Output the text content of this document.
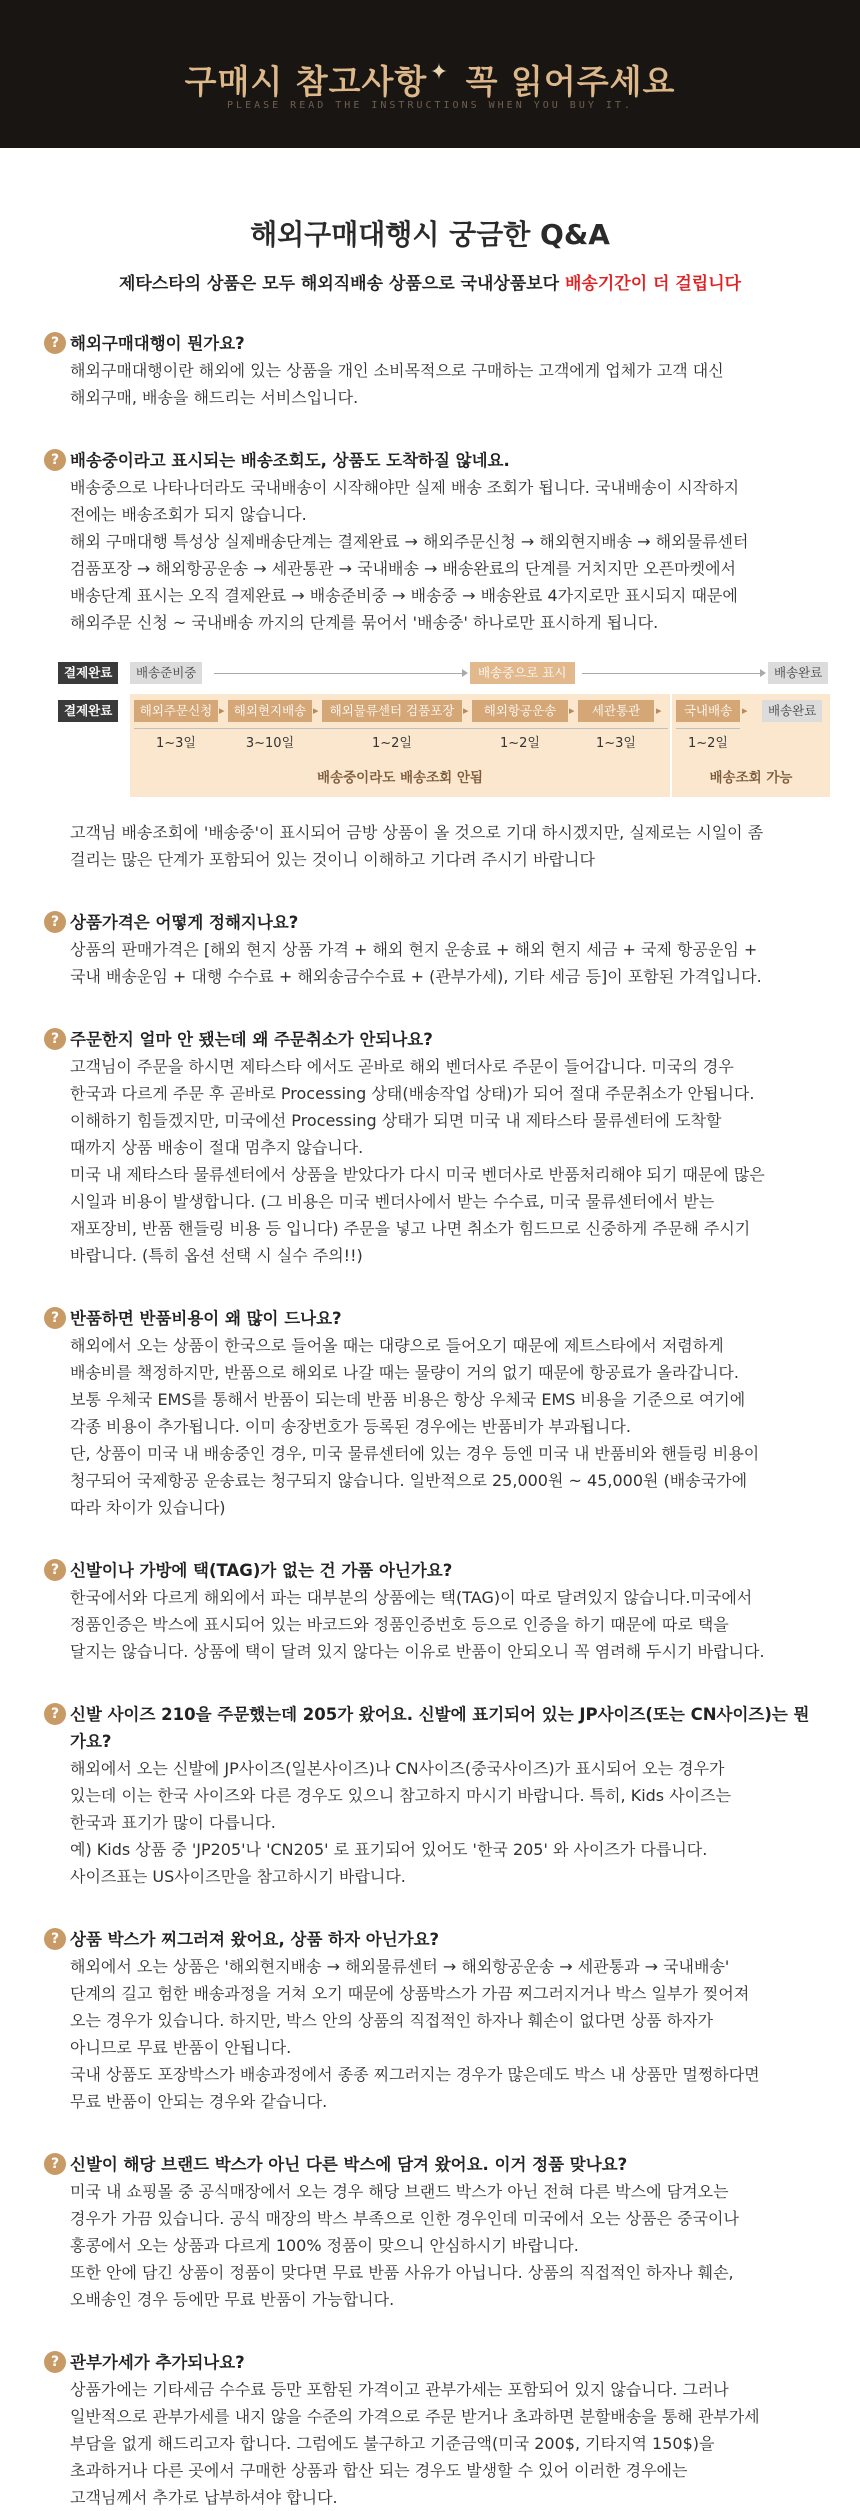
구매시 참고사항 ✦ 꼭 읽어주세요
PLEASE READ THE INSTRUCTIONS WHEN YOU BUY IT.
해외구매대행시 궁금한 Q&A
제타스타의 상품은 모두 해외직배송 상품으로 국내상품보다 배송기간이 더 걸립니다
? 해외구매대행이 뭔가요?

해외구매대행이란 해외에 있는 상품을 개인 소비목적으로 구매하는 고객에게 업체가 고객 대신

해외구매, 배송을 해드리는 서비스입니다.

? 배송중이라고 표시되는 배송조회도, 상품도 도착하질 않네요.

배송중으로 나타나더라도 국내배송이 시작해야만 실제 배송 조회가 됩니다. 국내배송이 시작하지

전에는 배송조회가 되지 않습니다.

해외 구매대행 특성상 실제배송단계는 결제완료 → 해외주문신청 → 해외현지배송 → 해외물류센터

검품포장 → 해외항공운송 → 세관통관 → 국내배송 → 배송완료의 단계를 거치지만 오픈마켓에서

배송단계 표시는 오직 결제완료 → 배송준비중 → 배송중 → 배송완료 4가지로만 표시되지 때문에

해외주문 신청 ~ 국내배송 까지의 단계를 묶어서 '배송중' 하나로만 표시하게 됩니다.

결제완료	배송준비중	배송중으로 표시	배송완료
결제완료	해외주문신청 ▸ 해외현지배송 ▸ 해외물류센터 검품포장 ▸	해외항공운송	▸	세관통관	▸	국내배송 ▸	배송완료
1~3일	3~10일	1~2일	1~2일	1~3일	1~2일
배송중이라도 배송조회 안됨	배송조회 가능

고객님 배송조회에 '배송중'이 표시되어 금방 상품이 올 것으로 기대 하시겠지만, 실제로는 시일이 좀

걸리는 많은 단계가 포함되어 있는 것이니 이해하고 기다려 주시기 바랍니다

? 상품가격은 어떻게 정해지나요?

상품의 판매가격은 [해외 현지 상품 가격 + 해외 현지 운송료 + 해외 현지 세금 + 국제 항공운임 +

국내 배송운임 + 대행 수수료 + 해외송금수수료 + (관부가세), 기타 세금 등]이 포함된 가격입니다.

? 주문한지 얼마 안 됐는데 왜 주문취소가 안되나요?

고객님이 주문을 하시면 제타스타 에서도 곧바로 해외 벤더사로 주문이 들어갑니다. 미국의 경우

한국과 다르게 주문 후 곧바로 Processing 상태(배송작업 상태)가 되어 절대 주문취소가 안됩니다.

이해하기 힘들겠지만, 미국에선 Processing 상태가 되면 미국 내 제타스타 물류센터에 도착할

때까지 상품 배송이 절대 멈추지 않습니다.

미국 내 제타스타 물류센터에서 상품을 받았다가 다시 미국 벤더사로 반품처리해야 되기 때문에 많은

시일과 비용이 발생합니다. (그 비용은 미국 벤더사에서 받는 수수료, 미국 물류센터에서 받는

재포장비, 반품 핸들링 비용 등 입니다) 주문을 넣고 나면 취소가 힘드므로 신중하게 주문해 주시기

바랍니다. (특히 옵션 선택 시 실수 주의!!)

? 반품하면 반품비용이 왜 많이 드나요?

해외에서 오는 상품이 한국으로 들어올 때는 대량으로 들어오기 때문에 제트스타에서 저렴하게

배송비를 책정하지만, 반품으로 해외로 나갈 때는 물량이 거의 없기 때문에 항공료가 올라갑니다.

보통 우체국 EMS를 통해서 반품이 되는데 반품 비용은 항상 우체국 EMS 비용을 기준으로 여기에

각종 비용이 추가됩니다. 이미 송장번호가 등록된 경우에는 반품비가 부과됩니다.

단, 상품이 미국 내 배송중인 경우, 미국 물류센터에 있는 경우 등엔 미국 내 반품비와 핸들링 비용이

청구되어 국제항공 운송료는 청구되지 않습니다. 일반적으로 25,000원 ~ 45,000원 (배송국가에

따라 차이가 있습니다)

? 신발이나 가방에 택(TAG)가 없는 건 가품 아닌가요?

한국에서와 다르게 해외에서 파는 대부분의 상품에는 택(TAG)이 따로 달려있지 않습니다.미국에서

정품인증은 박스에 표시되어 있는 바코드와 정품인증번호 등으로 인증을 하기 때문에 따로 택을

달지는 않습니다. 상품에 택이 달려 있지 않다는 이유로 반품이 안되오니 꼭 염려해 두시기 바랍니다.

? 신발 사이즈 210을 주문했는데 205가 왔어요. 신발에 표기되어 있는 JP사이즈(또는 CN사이즈)는 뭔가요?

해외에서 오는 신발에 JP사이즈(일본사이즈)나 CN사이즈(중국사이즈)가 표시되어 오는 경우가

있는데 이는 한국 사이즈와 다른 경우도 있으니 참고하지 마시기 바랍니다. 특히, Kids 사이즈는

한국과 표기가 많이 다릅니다.

예) Kids 상품 중 'JP205'나 'CN205' 로 표기되어 있어도 '한국 205' 와 사이즈가 다릅니다.

사이즈표는 US사이즈만을 참고하시기 바랍니다.

? 상품 박스가 찌그러져 왔어요, 상품 하자 아닌가요?

해외에서 오는 상품은 '해외현지배송 → 해외물류센터 → 해외항공운송 → 세관통과 → 국내배송'

단계의 길고 험한 배송과정을 거쳐 오기 때문에 상품박스가 가끔 찌그러지거나 박스 일부가 찢어져

오는 경우가 있습니다. 하지만, 박스 안의 상품의 직접적인 하자나 훼손이 없다면 상품 하자가

아니므로 무료 반품이 안됩니다.

국내 상품도 포장박스가 배송과정에서 종종 찌그러지는 경우가 많은데도 박스 내 상품만 멀쩡하다면

무료 반품이 안되는 경우와 같습니다.

? 신발이 해당 브랜드 박스가 아닌 다른 박스에 담겨 왔어요. 이거 정품 맞나요?

미국 내 쇼핑몰 중 공식매장에서 오는 경우 해당 브랜드 박스가 아닌 전혀 다른 박스에 담겨오는

경우가 가끔 있습니다. 공식 매장의 박스 부족으로 인한 경우인데 미국에서 오는 상품은 중국이나

홍콩에서 오는 상품과 다르게 100% 정품이 맞으니 안심하시기 바랍니다.

또한 안에 담긴 상품이 정품이 맞다면 무료 반품 사유가 아닙니다. 상품의 직접적인 하자나 훼손,

오배송인 경우 등에만 무료 반품이 가능합니다.

? 관부가세가 추가되나요?

상품가에는 기타세금 수수료 등만 포함된 가격이고 관부가세는 포함되어 있지 않습니다. 그러나

일반적으로 관부가세를 내지 않을 수준의 가격으로 주문 받거나 초과하면 분할배송을 통해 관부가세

부담을 없게 해드리고자 합니다. 그럼에도 불구하고 기준금액(미국 200$, 기타지역 150$)을

초과하거나 다른 곳에서 구매한 상품과 합산 되는 경우도 발생할 수 있어 이러한 경우에는

고객님께서 추가로 납부하셔야 합니다.
